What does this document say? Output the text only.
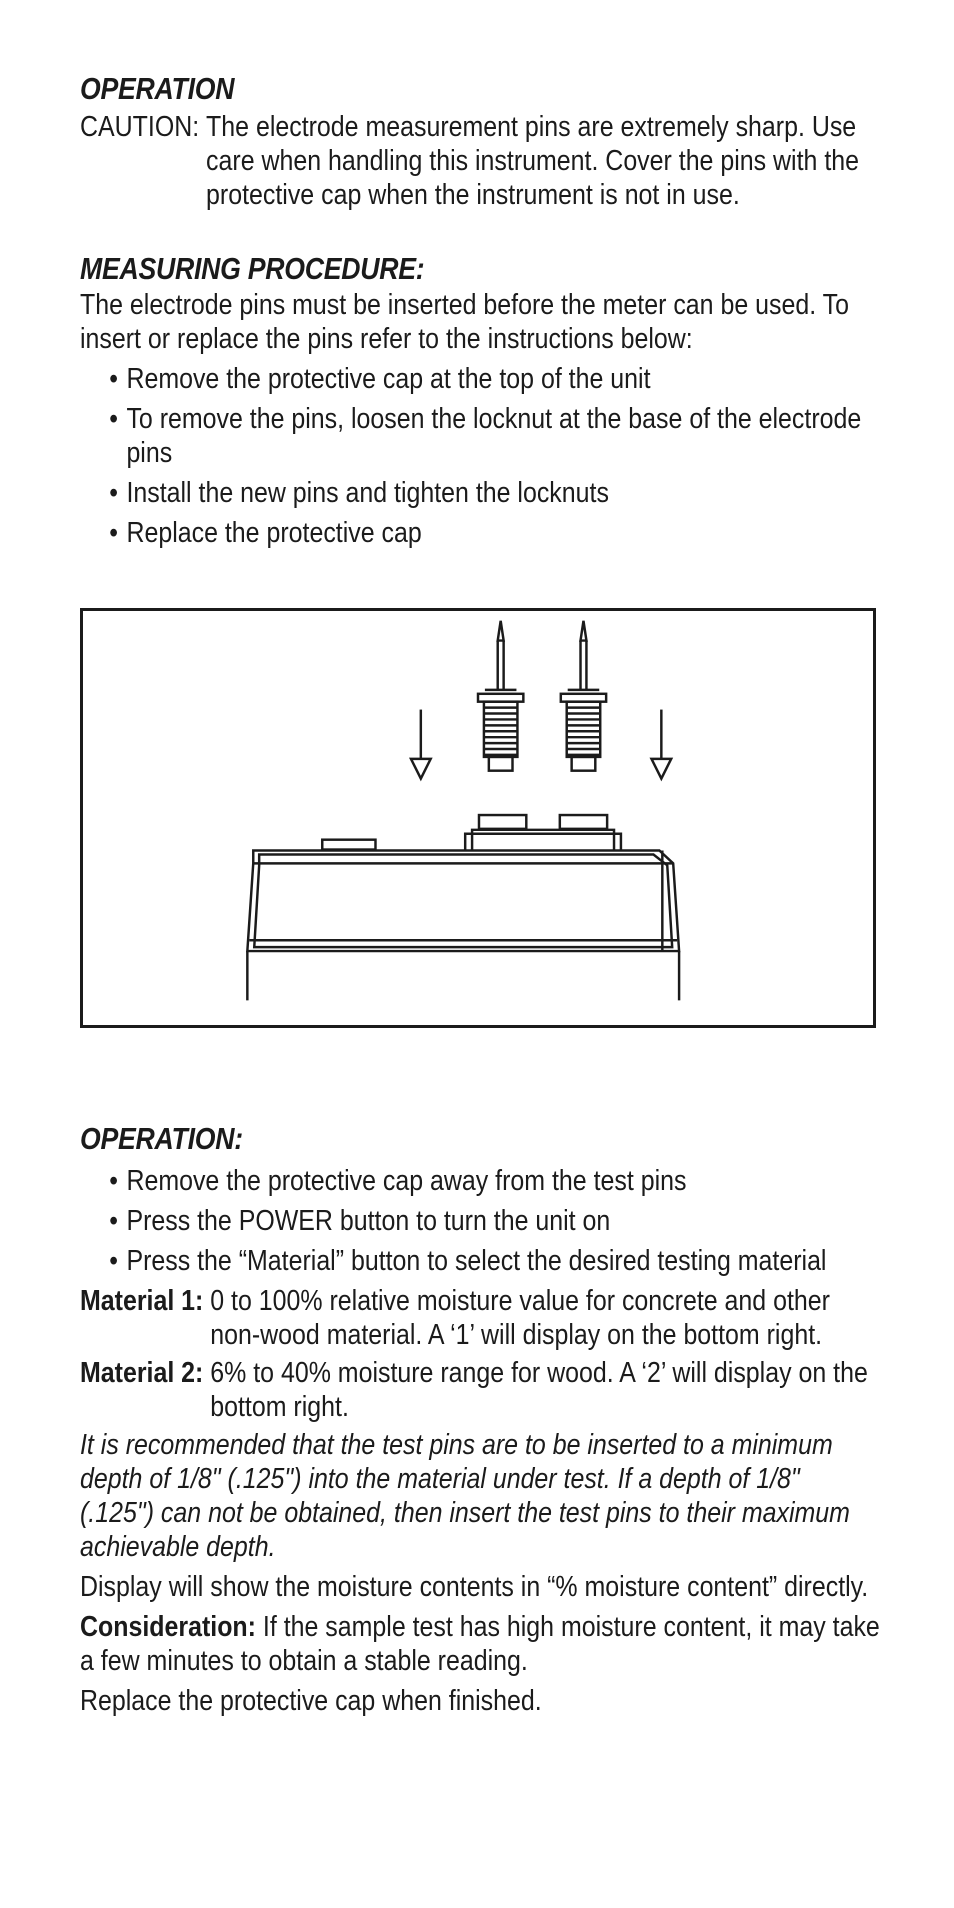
OPERATION

CAUTION: The electrode measurement pins are extremely sharp. Use care when handling this instrument. Cover the pins with the protective cap when the instrument is not in use.

MEASURING PROCEDURE:

The electrode pins must be inserted before the meter can be used. To insert or replace the pins refer to the instructions below:

• Remove the protective cap at the top of the unit
• To remove the pins, loosen the locknut at the base of the electrode pins
• Install the new pins and tighten the locknuts
• Replace the protective cap

OPERATION:

• Remove the protective cap away from the test pins
• Press the POWER button to turn the unit on
• Press the “Material” button to select the desired testing material
Material 1: 0 to 100% relative moisture value for concrete and other non-wood material. A ‘1’ will display on the bottom right.
Material 2: 6% to 40% moisture range for wood. A ‘2’ will display on the bottom right.

It is recommended that the test pins are to be inserted to a minimum depth of 1/8" (.125") into the material under test. If a depth of 1/8" (.125") can not be obtained, then insert the test pins to their maximum achievable depth.

Display will show the moisture contents in “% moisture content” directly.

Consideration: If the sample test has high moisture content, it may take a few minutes to obtain a stable reading.

Replace the protective cap when finished.
